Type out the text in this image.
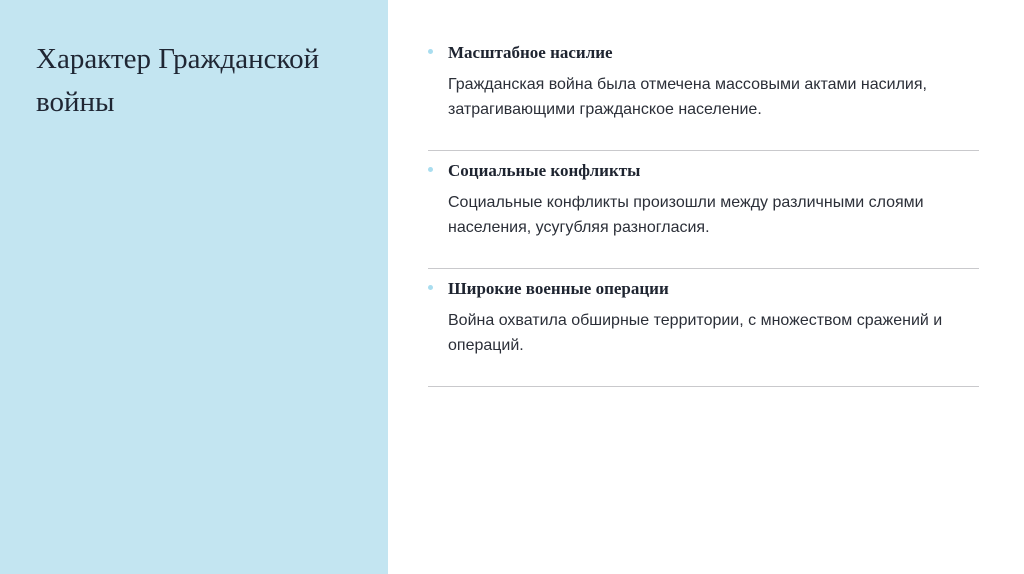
Характер Гражданской войны
Масштабное насилие
Гражданская война была отмечена массовыми актами насилия, затрагивающими гражданское население.
Социальные конфликты
Социальные конфликты произошли между различными слоями населения, усугубляя разногласия.
Широкие военные операции
Война охватила обширные территории, с множеством сражений и операций.
